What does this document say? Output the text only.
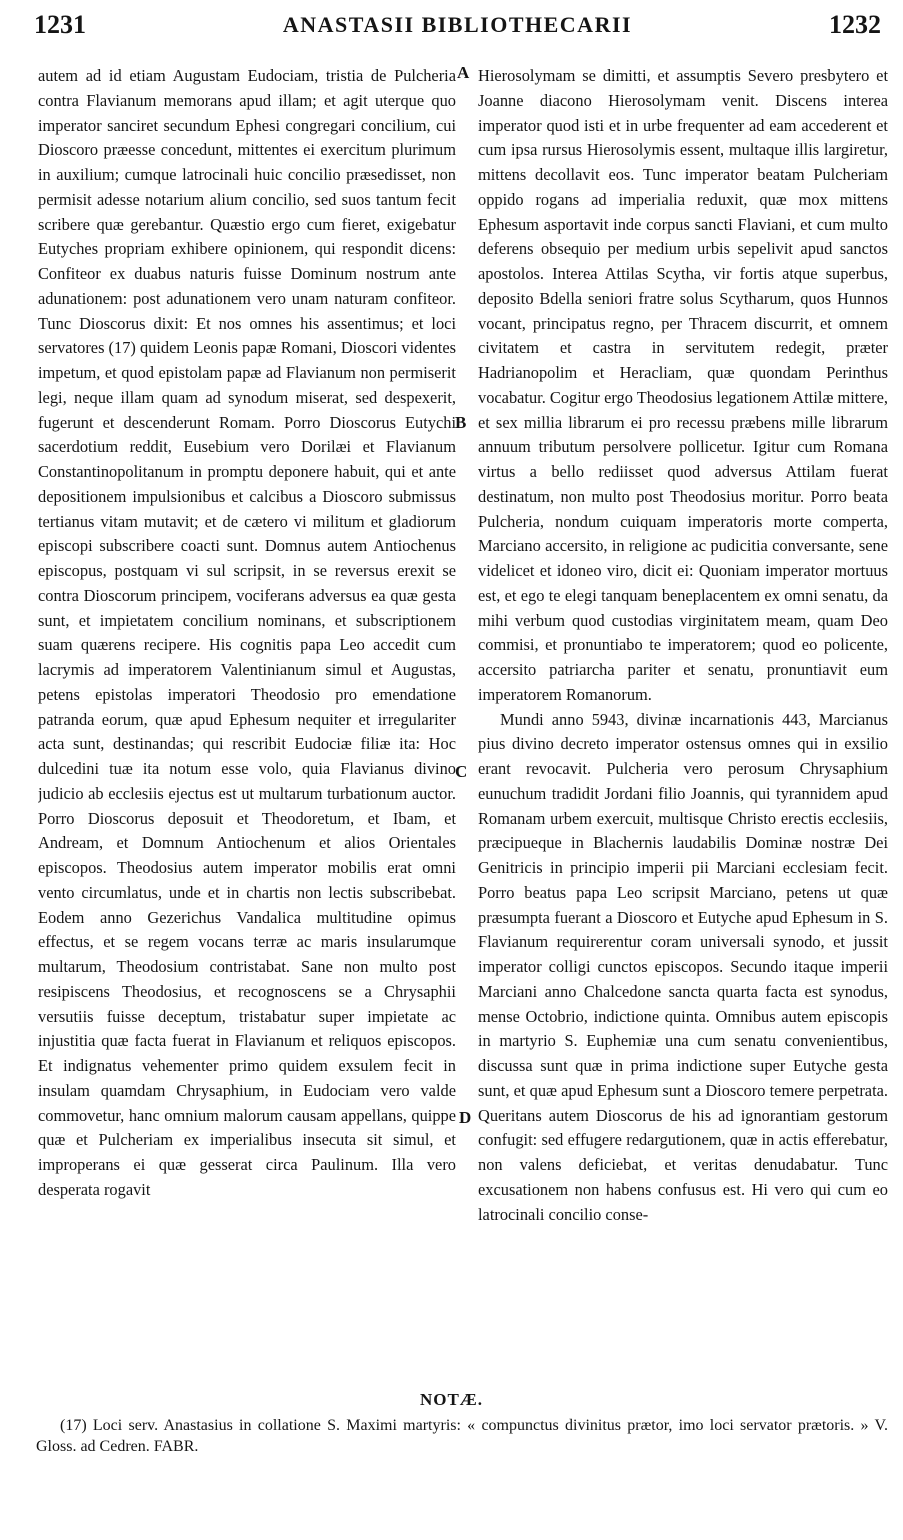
1231	ANASTASII BIBLIOTHECARII	1232

autem ad id etiam Augustam Eudociam, tristia de Pulcheria contra Flavianum memorans apud illam; et agit uterque quo imperator sanciret secundum Ephesi congregari concilium, cui Dioscoro præesse concedunt, mittentes ei exercitum plurimum in auxilium; cumque latrocinali huic concilio præsedisset, non permisit adesse notarium alium concilio, sed suos tantum fecit scribere quæ gerebantur. Quæstio ergo cum fieret, exigebatur Eutyches propriam exhibere opinionem, qui respondit dicens: Confiteor ex duabus naturis fuisse Dominum nostrum ante adunationem: post adunationem vero unam naturam confiteor. Tunc Dioscorus dixit: Et nos omnes his assentimus; et loci servatores (17) quidem Leonis papæ Romani, Dioscori videntes impetum, et quod epistolam papæ ad Flavianum non permiserit legi, neque illam quam ad synodum miserat, sed despexerit, fugerunt et descenderunt Romam. Porro Dioscorus Eutychi sacerdotium reddit, Eusebium vero Dorilæi et Flavianum Constantinopolitanum in promptu deponere habuit, qui et ante depositionem impulsionibus et calcibus a Dioscoro submissus tertianus vitam mutavit; et de cætero vi militum et gladiorum episcopi subscribere coacti sunt. Domnus autem Antiochenus episcopus, postquam vi sul scripsit, in se reversus erexit se contra Dioscorum principem, vociferans adversus ea quæ gesta sunt, et impietatem concilium nominans, et subscriptionem suam quærens recipere. His cognitis papa Leo accedit cum lacrymis ad imperatorem Valentinianum simul et Augustas, petens epistolas imperatori Theodosio pro emendatione patranda eorum, quæ apud Ephesum nequiter et irregulariter acta sunt, destinandas; qui rescribit Eudociæ filiæ ita: Hoc dulcedini tuæ ita notum esse volo, quia Flavianus divino judicio ab ecclesiis ejectus est ut multarum turbationum auctor. Porro Dioscorus deposuit et Theodoretum, et Ibam, et Andream, et Domnum Antiochenum et alios Orientales episcopos. Theodosius autem imperator mobilis erat omni vento circumlatus, unde et in chartis non lectis subscribebat. Eodem anno Gezerichus Vandalica multitudine opimus effectus, et se regem vocans terræ ac maris insularumque multarum, Theodosium contristabat. Sane non multo post resipiscens Theodosius, et recognoscens se a Chrysaphii versutiis fuisse deceptum, tristabatur super impietate ac injustitia quæ facta fuerat in Flavianum et reliquos episcopos. Et indignatus vehementer primo quidem exsulem fecit in insulam quamdam Chrysaphium, in Eudociam vero valde commovetur, hanc omnium malorum causam appellans, quippe quæ et Pulcheriam ex imperialibus insecuta sit simul, et improperans ei quæ gesserat circa Paulinum. Illa vero desperata rogavit

A
B
C
D

Hierosolymam se dimitti, et assumptis Severo presbytero et Joanne diacono Hierosolymam venit. Discens interea imperator quod isti et in urbe frequenter ad eam accederent et cum ipsa rursus Hierosolymis essent, multaque illis largiretur, mittens decollavit eos. Tunc imperator beatam Pulcheriam oppido rogans ad imperialia reduxit, quæ mox mittens Ephesum asportavit inde corpus sancti Flaviani, et cum multo deferens obsequio per medium urbis sepelivit apud sanctos apostolos. Interea Attilas Scytha, vir fortis atque superbus, deposito Bdella seniori fratre solus Scytharum, quos Hunnos vocant, principatus regno, per Thracem discurrit, et omnem civitatem et castra in servitutem redegit, præter Hadrianopolim et Heracliam, quæ quondam Perinthus vocabatur. Cogitur ergo Theodosius legationem Attilæ mittere, et sex millia librarum ei pro recessu præbens mille librarum annuum tributum persolvere pollicetur. Igitur cum Romana virtus a bello rediisset quod adversus Attilam fuerat destinatum, non multo post Theodosius moritur. Porro beata Pulcheria, nondum cuiquam imperatoris morte comperta, Marciano accersito, in religione ac pudicitia conversante, sene videlicet et idoneo viro, dicit ei: Quoniam imperator mortuus est, et ego te elegi tanquam beneplacentem ex omni senatu, da mihi verbum quod custodias virginitatem meam, quam Deo commisi, et pronuntiabo te imperatorem; quod eo policente, accersito patriarcha pariter et senatu, pronuntiavit eum imperatorem Romanorum.

Mundi anno 5943, divinæ incarnationis 443, Marcianus pius divino decreto imperator ostensus omnes qui in exsilio erant revocavit. Pulcheria vero perosum Chrysaphium eunuchum tradidit Jordani filio Joannis, qui tyrannidem apud Romanam urbem exercuit, multisque Christo erectis ecclesiis, præcipueque in Blachernis laudabilis Dominæ nostræ Dei Genitricis in principio imperii pii Marciani ecclesiam fecit. Porro beatus papa Leo scripsit Marciano, petens ut quæ præsumpta fuerant a Dioscoro et Eutyche apud Ephesum in S. Flavianum requirerentur coram universali synodo, et jussit imperator colligi cunctos episcopos. Secundo itaque imperii Marciani anno Chalcedone sancta quarta facta est synodus, mense Octobrio, indictione quinta. Omnibus autem episcopis in martyrio S. Euphemiæ una cum senatu convenientibus, discussa sunt quæ in prima indictione super Eutyche gesta sunt, et quæ apud Ephesum sunt a Dioscoro temere perpetrata. Queritans autem Dioscorus de his ad ignorantiam gestorum confugit: sed effugere redargutionem, quæ in actis efferebatur, non valens deficiebat, et veritas denudabatur. Tunc excusationem non habens confusus est. Hi vero qui cum eo latrocinali concilio conse-

NOTÆ.
(17) Loci serv. Anastasius in collatione S. Maximi martyris: « compunctus divinitus prætor, imo loci servator prætoris. » V. Gloss. ad Cedren. FABR.
